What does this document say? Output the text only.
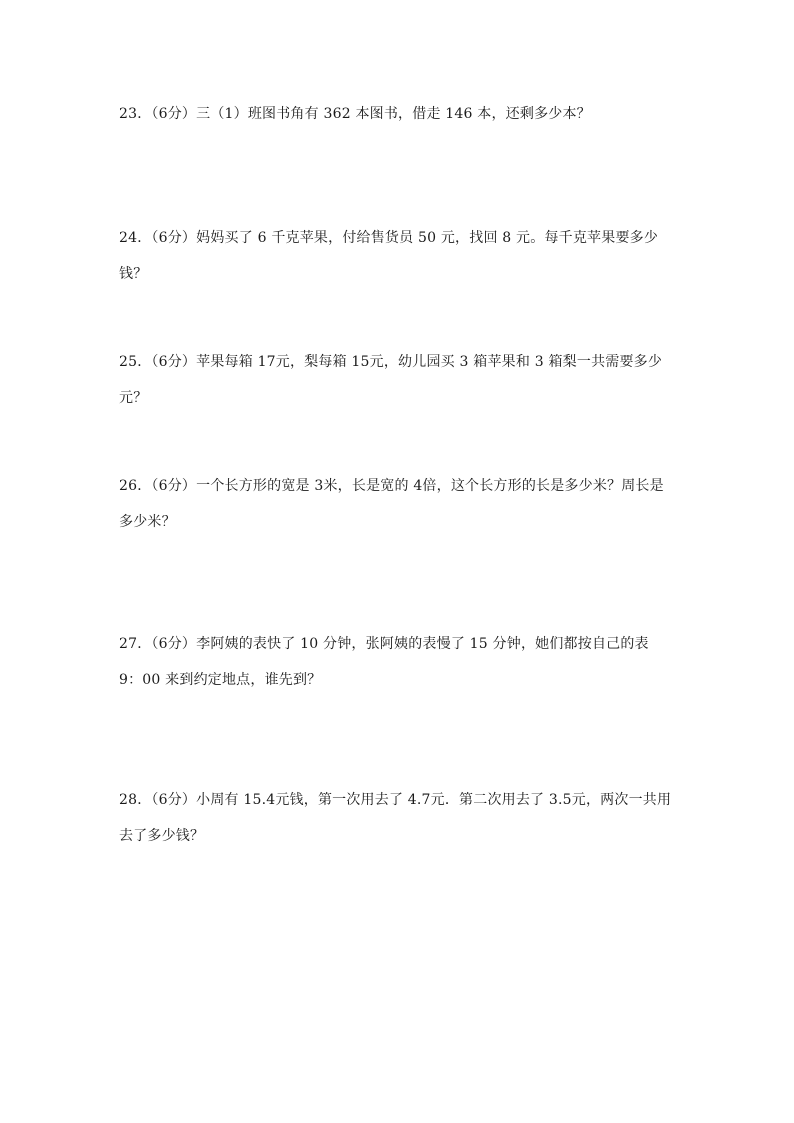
23．（6分）三（1）班图书角有 362 本图书，借走 146 本，还剩多少本？
24．（6分）妈妈买了 6 千克苹果，付给售货员 50 元，找回 8 元。每千克苹果要多少钱？
25．（6分）苹果每箱 17元，梨每箱 15元，幼儿园买 3 箱苹果和 3 箱梨一共需要多少元？
26．（6分）一个长方形的宽是 3米，长是宽的 4倍，这个长方形的长是多少米？周长是多少米？
27．（6分）李阿姨的表快了 10 分钟，张阿姨的表慢了 15 分钟，她们都按自己的表 9：00 来到约定地点，谁先到？
28．（6分）小周有 15.4元钱，第一次用去了 4.7元．第二次用去了 3.5元，两次一共用去了多少钱？
